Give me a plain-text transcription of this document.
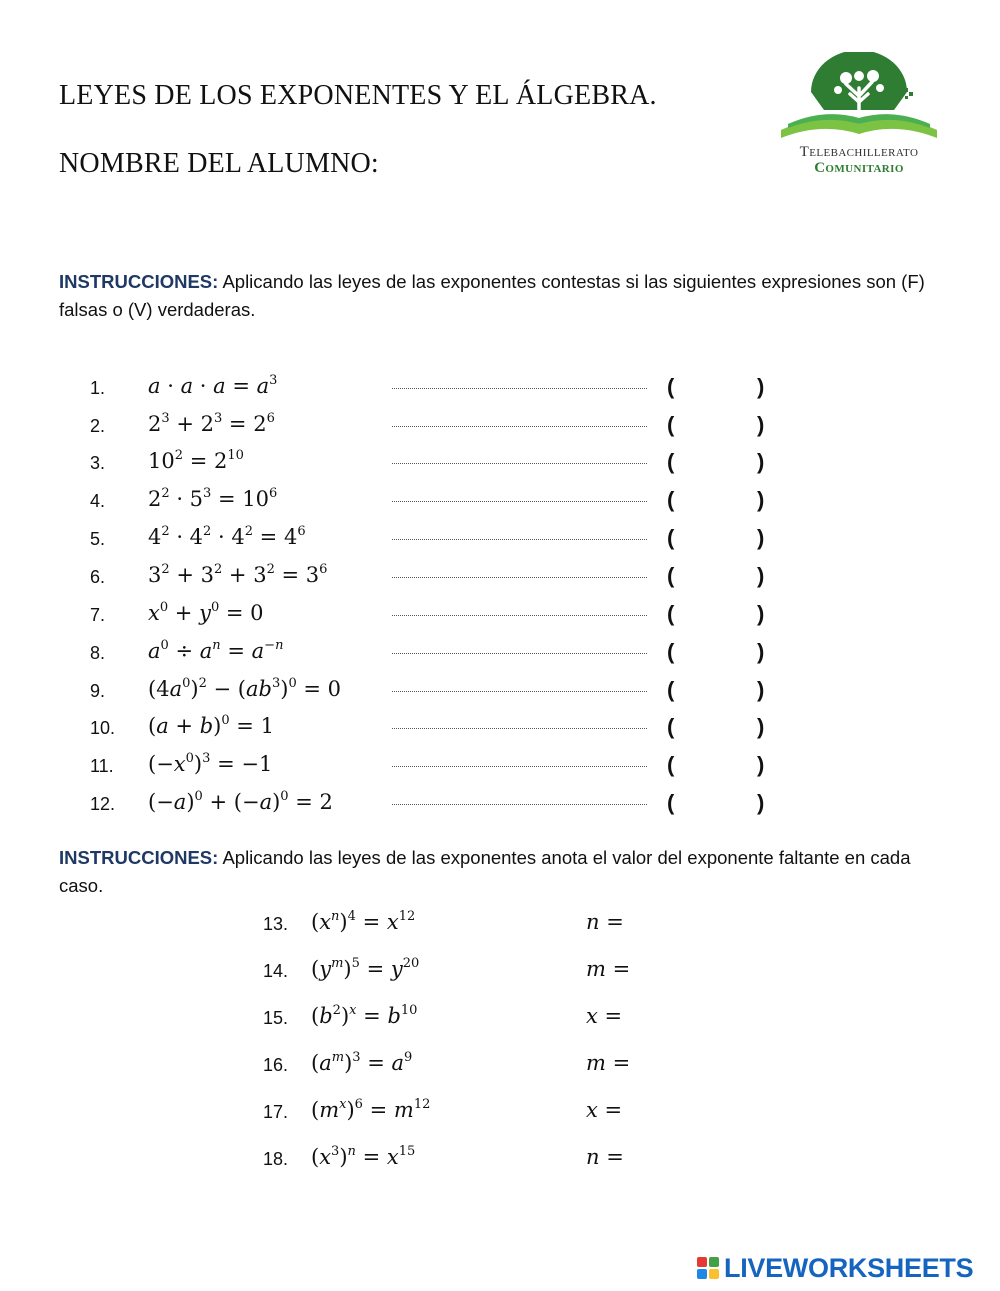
LEYES DE LOS EXPONENTES Y EL ÁLGEBRA.
NOMBRE DEL ALUMNO:	Telebachillerato
Comunitario
INSTRUCCIONES: Aplicando las leyes de las exponentes contestas si las siguientes expresiones son (F) falsas o (V) verdaderas.
1. $a \cdot a \cdot a = a^3$	(	)
2. $2^3 + 2^3 = 2^6$	(	)
3. $10^2 = 2^{10}$	(	)
4. $2^2 \cdot 5^3 = 10^6$	(	)
5. $4^2 \cdot 4^2 \cdot 4^2 = 4^6$	(	)
6. $3^2 + 3^2 + 3^2 = 3^6$	(	)
7. $x^0 + y^0 = 0$	(	)
8. $a^0 \div a^n = a^{-n}$	(	)
9. $(4a^0)^2 - (ab^3)^0 = 0$	(	)
10. $(a + b)^0 = 1$	(	)
11. $(-x^0)^3 = -1$	(	)
12. $(-a)^0 + (-a)^0 = 2$	(	)
INSTRUCCIONES: Aplicando las leyes de las exponentes anota el valor del exponente faltante en cada caso.
13. $(x^n)^4 = x^{12}$	n =
14. $(y^m)^5 = y^{20}$	m =
15. $(b^2)^x = b^{10}$	x =
16. $(a^m)^3 = a^9$	m =
17. $(m^x)^6 = m^{12}$	x =
18. $(x^3)^n = x^{15}$	n =
LIVEWORKSHEETS
